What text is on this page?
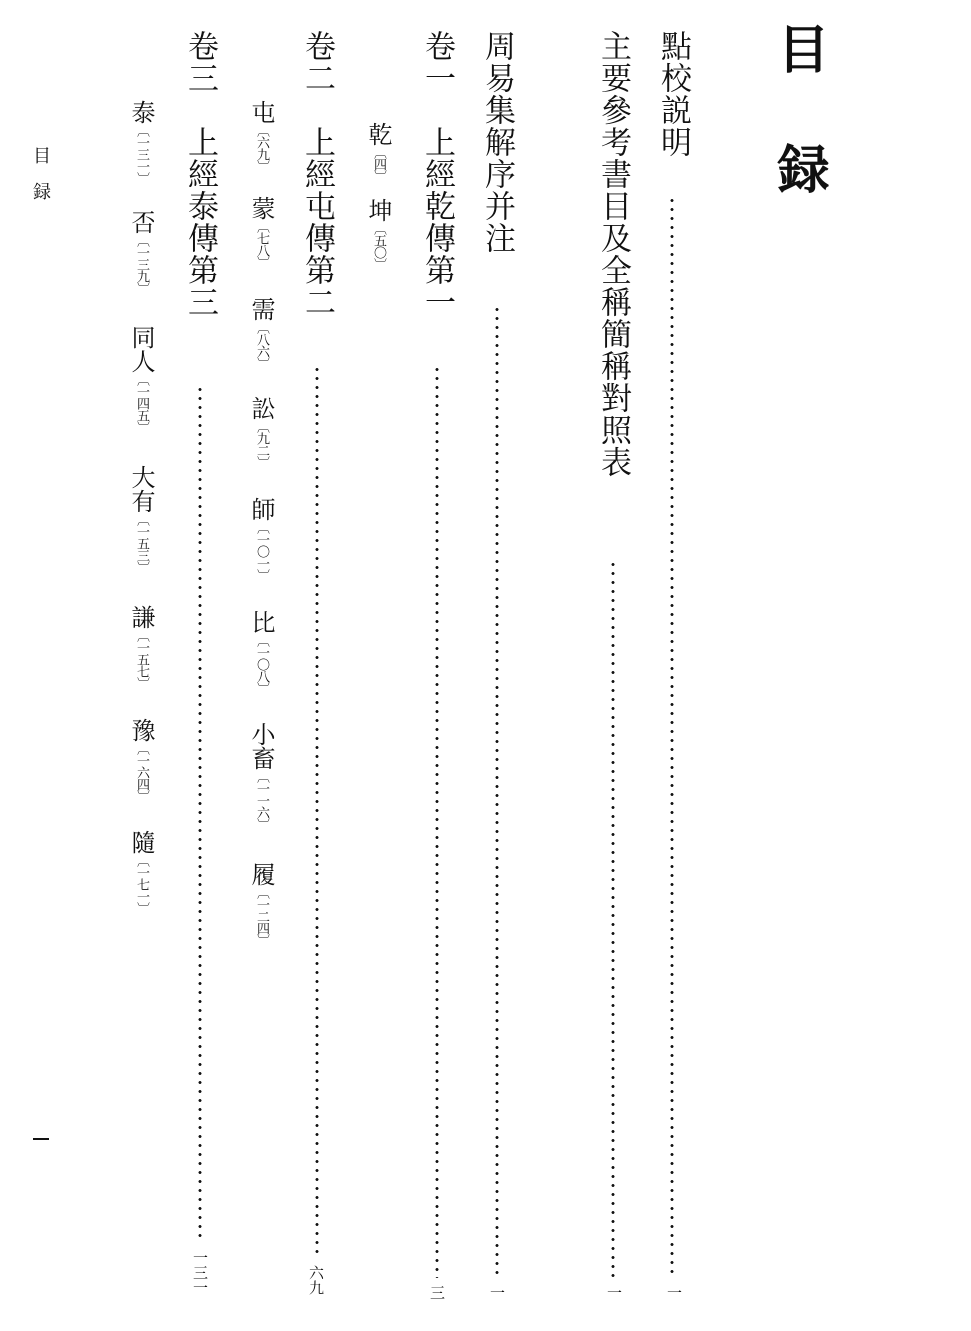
目
録
點校説明
一
主要參考書目及全稱簡稱對照表
一
周易集解序并注
一
卷一　上經乾傳第一
三
乾〔四〕
坤〔五〇〕
卷二　上經屯傳第二
六九
屯〔六九〕
蒙〔七八〕
需〔八六〕
訟〔九二〕
師〔一〇一〕
比〔一〇八〕
小畜〔一一六〕
履〔一二四〕
卷三　上經泰傳第三
一三一
泰〔一三一〕
否〔一三九〕
同人〔一四五〕
大有〔一五三〕
謙〔一五七〕
豫〔一六四〕
隨〔一七一〕
目　録
